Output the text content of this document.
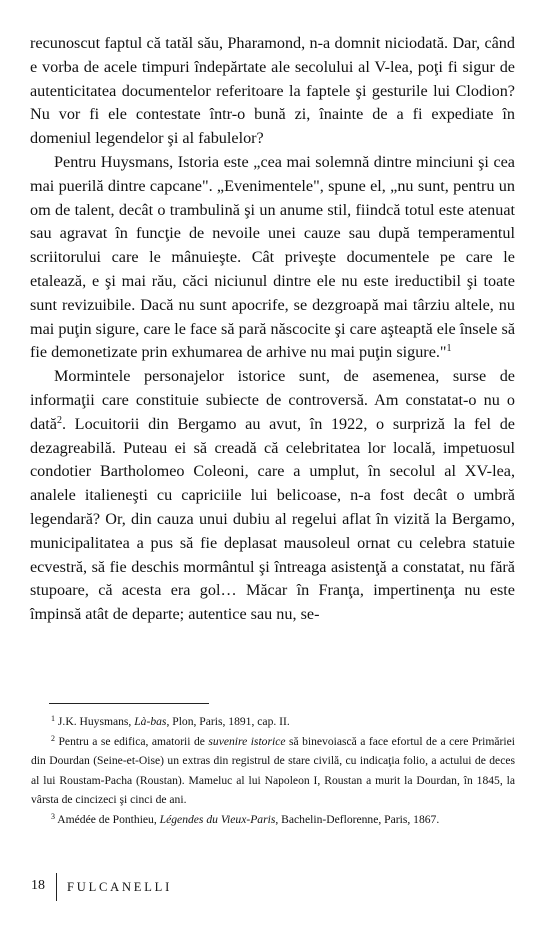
recunoscut faptul că tatăl său, Pharamond, n-a domnit niciodată. Dar, când e vorba de acele timpuri îndepărtate ale secolului al V-lea, poţi fi sigur de autenticitatea documentelor referitoare la faptele şi gesturile lui Clodion? Nu vor fi ele contestate într-o bună zi, înainte de a fi expediate în domeniul legendelor şi al fabulelor?

Pentru Huysmans, Istoria este „cea mai solemnă dintre minciuni şi cea mai puerilă dintre capcane". „Evenimentele", spune el, „nu sunt, pentru un om de talent, decât o trambulină şi un anume stil, fiindcă totul este atenuat sau agravat în funcţie de nevoile unei cauze sau după temperamentul scriitorului care le mânuieşte. Cât priveşte documentele pe care le etalează, e şi mai rău, căci niciunul dintre ele nu este ireductibil şi toate sunt revizuibile. Dacă nu sunt apocrife, se dezgroapă mai târziu altele, nu mai puţin sigure, care le face să pară născocite şi care aşteaptă ele însele să fie demonetizate prin exhumarea de arhive nu mai puţin sigure."$^1$

Mormintele personajelor istorice sunt, de asemenea, surse de informaţii care constituie subiecte de controversă. Am constatat-o nu o dată$^2$. Locuitorii din Bergamo au avut, în 1922, o surpriză la fel de dezagreabilă. Puteau ei să creadă că celebritatea lor locală, impetuosul condotier Bartholomeo Coleoni, care a umplut, în secolul al XV-lea, analele italieneşti cu capriciile lui belicoase, n-a fost decât o umbră legendară? Or, din cauza unui dubiu al regelui aflat în vizită la Bergamo, municipalitatea a pus să fie deplasat mausoleul ornat cu celebra statuie ecvestră, să fie deschis mormântul şi întreaga asistenţă a constatat, nu fără stupoare, că acesta era gol… Măcar în Franţa, impertinenţa nu este împinsă atât de departe; autentice sau nu, se-

$^1$ J.K. Huysmans, Là-bas, Plon, Paris, 1891, cap. II.

$^2$ Pentru a se edifica, amatorii de suvenire istorice să binevoiască a face efortul de a cere Primăriei din Dourdan (Seine-et-Oise) un extras din registrul de stare civilă, cu indicaţia folio, a actului de deces al lui Roustam-Pacha (Roustan). Mameluc al lui Napoleon I, Roustan a murit la Dourdan, în 1845, la vârsta de cincizeci şi cinci de ani.

$^3$ Amédée de Ponthieu, Légendes du Vieux-Paris, Bachelin-Deflorenne, Paris, 1867.

18 FULCANELLI
